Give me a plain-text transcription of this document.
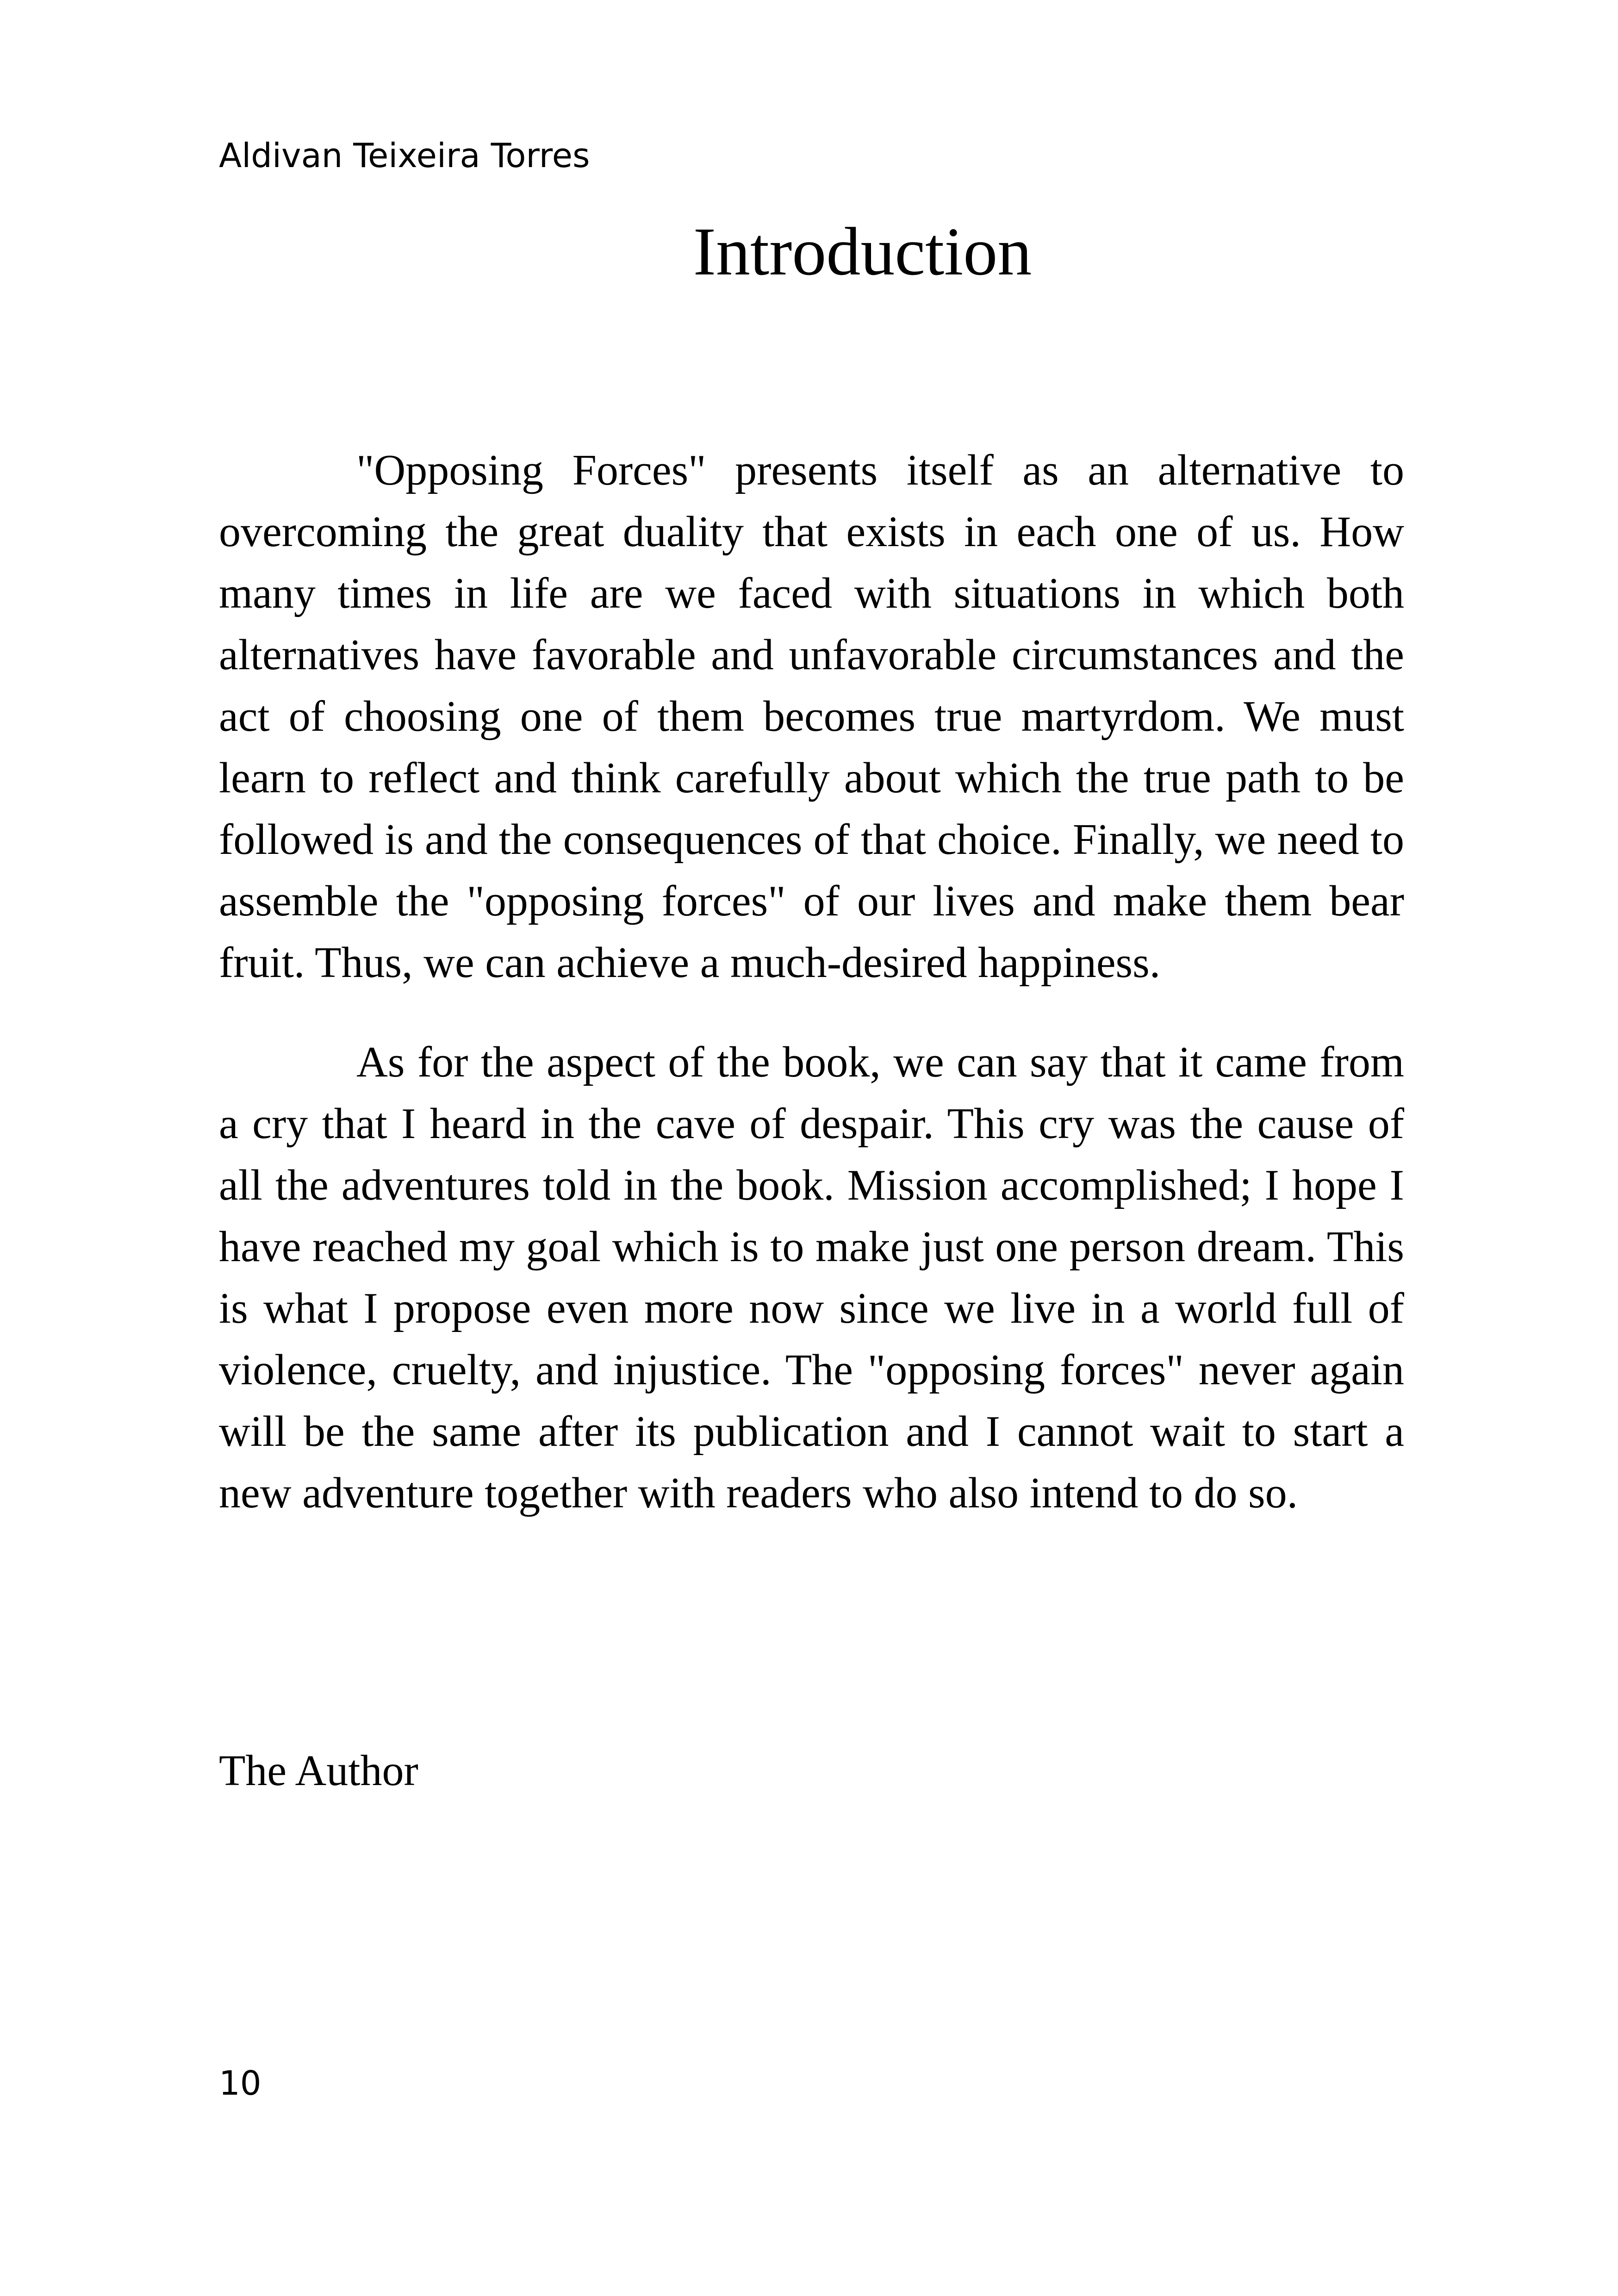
Aldivan Teixeira Torres
Introduction

"Opposing Forces" presents itself as an alternative to overcoming the great duality that exists in each one of us. How many times in life are we faced with situations in which both alternatives have favorable and unfavorable circumstances and the act of choosing one of them becomes true martyrdom. We must learn to reflect and think carefully about which the true path to be followed is and the consequences of that choice. Finally, we need to assemble the "opposing forces" of our lives and make them bear fruit. Thus, we can achieve a much-desired happiness.

As for the aspect of the book, we can say that it came from a cry that I heard in the cave of despair. This cry was the cause of all the adventures told in the book. Mission accomplished; I hope I have reached my goal which is to make just one person dream. This is what I propose even more now since we live in a world full of violence, cruelty, and injustice. The "opposing forces" never again will be the same after its publication and I cannot wait to start a new adventure together with readers who also intend to do so.

The Author
10
